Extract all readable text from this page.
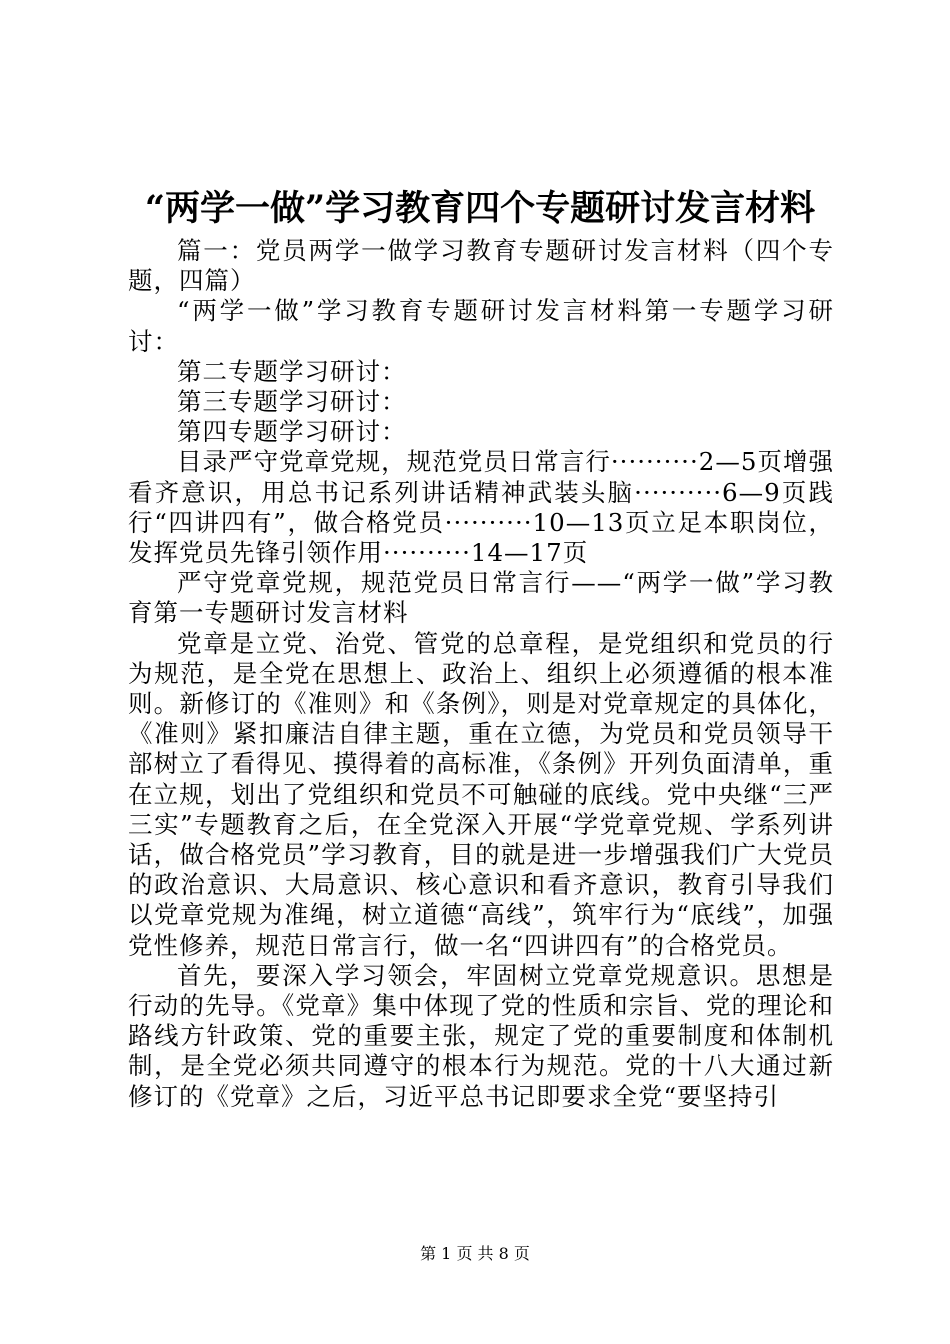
“两学一做”学习教育四个专题研讨发言材料

篇一：党员两学一做学习教育专题研讨发言材料（四个专题，四篇）

“两学一做”学习教育专题研讨发言材料第一专题学习研讨：

第二专题学习研讨：

第三专题学习研讨：

第四专题学习研讨：

目录严守党章党规，规范党员日常言行··········2—5页增强看齐意识，用总书记系列讲话精神武装头脑··········6—9页践行“四讲四有”，做合格党员··········10—13页立足本职岗位，发挥党员先锋引领作用··········14—17页

严守党章党规，规范党员日常言行——“两学一做”学习教育第一专题研讨发言材料

党章是立党、治党、管党的总章程，是党组织和党员的行为规范，是全党在思想上、政治上、组织上必须遵循的根本准则。新修订的《准则》和《条例》，则是对党章规定的具体化，《准则》紧扣廉洁自律主题，重在立德，为党员和党员领导干部树立了看得见、摸得着的高标准，《条例》开列负面清单，重在立规，划出了党组织和党员不可触碰的底线。党中央继“三严三实”专题教育之后，在全党深入开展“学党章党规、学系列讲话，做合格党员”学习教育，目的就是进一步增强我们广大党员的政治意识、大局意识、核心意识和看齐意识，教育引导我们以党章党规为准绳，树立道德“高线”，筑牢行为“底线”，加强党性修养，规范日常言行，做一名“四讲四有”的合格党员。

首先，要深入学习领会，牢固树立党章党规意识。思想是行动的先导。《党章》集中体现了党的性质和宗旨、党的理论和路线方针政策、党的重要主张，规定了党的重要制度和体制机制，是全党必须共同遵守的根本行为规范。党的十八大通过新修订的《党章》之后，习近平总书记即要求全党“要坚持引

第 1 页 共 8 页
